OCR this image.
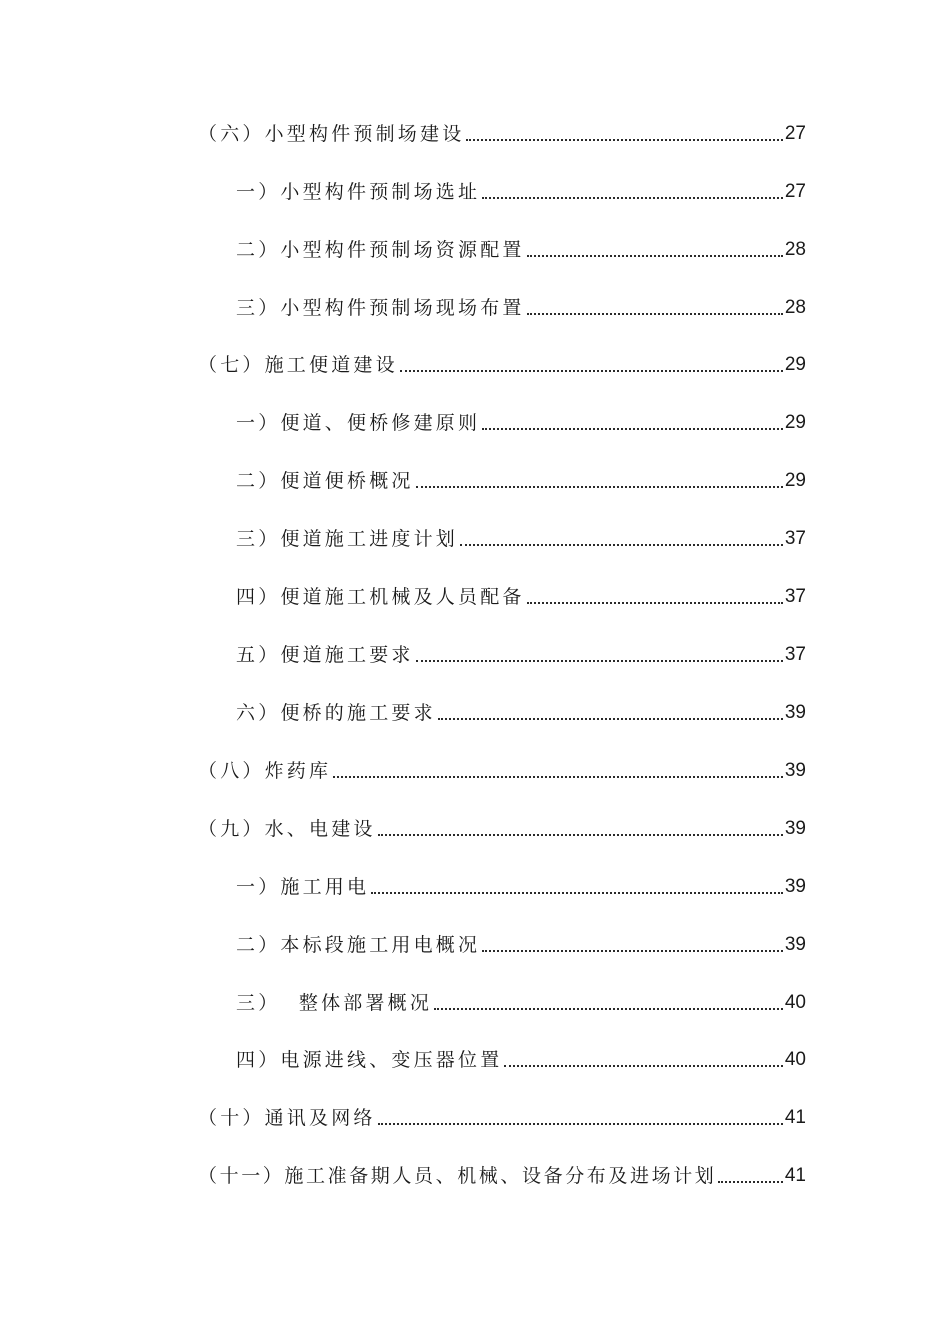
（六）小型构件预制场建设	27
一）小型构件预制场选址	27
二）小型构件预制场资源配置	28
三）小型构件预制场现场布置	28
（七）施工便道建设	29
一）便道、便桥修建原则	29
二）便道便桥概况	29
三）便道施工进度计划	37
四）便道施工机械及人员配备	37
五）便道施工要求	37
六）便桥的施工要求	39
（八）炸药库	39
（九）水、电建设	39
一）施工用电	39
二）本标段施工用电概况	39
三）  整体部署概况	40
四）电源进线、变压器位置	40
（十）通讯及网络	41
（十一）施工准备期人员、机械、设备分布及进场计划	41
